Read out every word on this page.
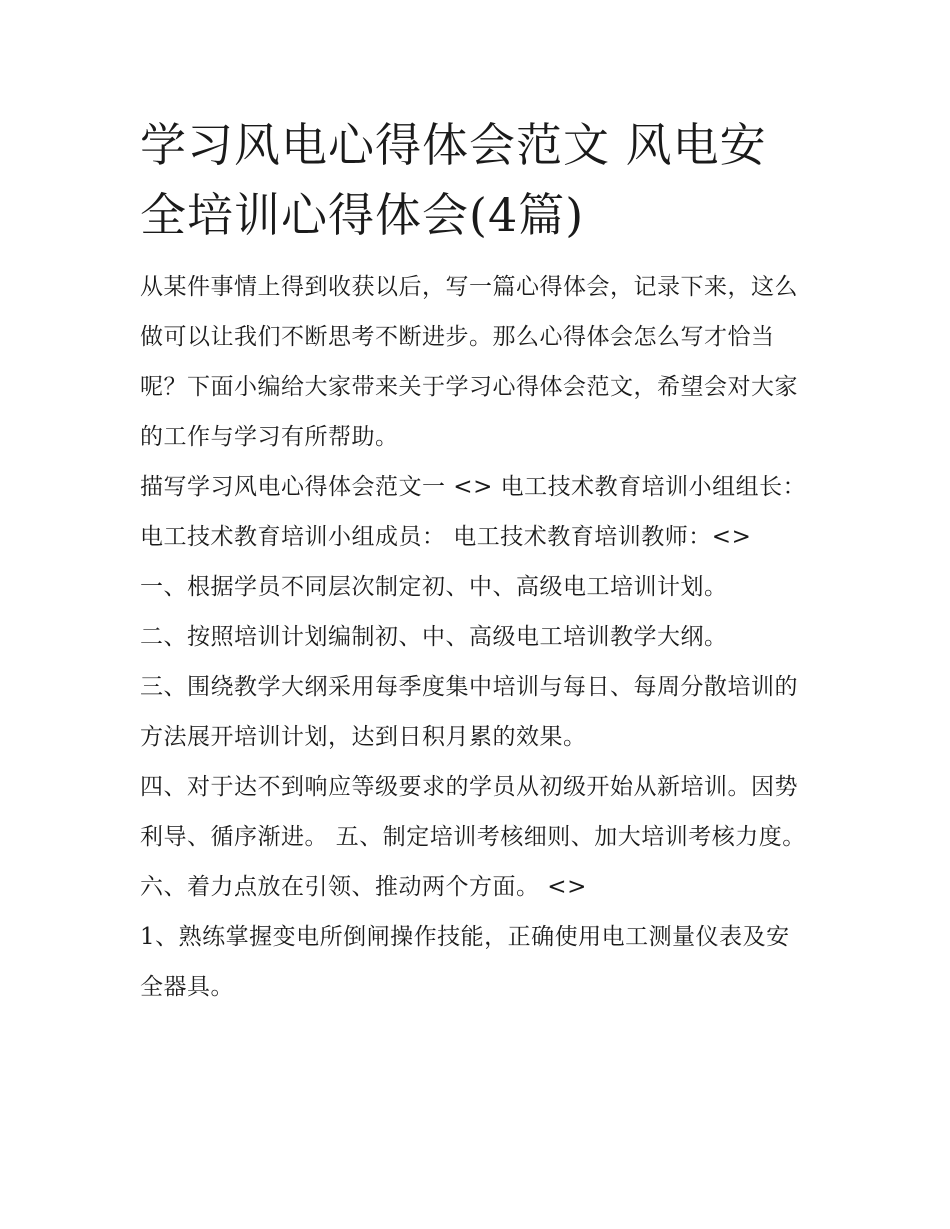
学习风电心得体会范文 风电安全培训心得体会(4篇)

从某件事情上得到收获以后，写一篇心得体会，记录下来，这么做可以让我们不断思考不断进步。那么心得体会怎么写才恰当呢？下面小编给大家带来关于学习心得体会范文，希望会对大家的工作与学习有所帮助。

描写学习风电心得体会范文一 <> 电工技术教育培训小组组长： 电工技术教育培训小组成员： 电工技术教育培训教师：<>

一、根据学员不同层次制定初、中、高级电工培训计划。

二、按照培训计划编制初、中、高级电工培训教学大纲。

三、围绕教学大纲采用每季度集中培训与每日、每周分散培训的方法展开培训计划，达到日积月累的效果。

四、对于达不到响应等级要求的学员从初级开始从新培训。因势利导、循序渐进。 五、制定培训考核细则、加大培训考核力度。 六、着力点放在引领、推动两个方面。 <>

1、熟练掌握变电所倒闸操作技能，正确使用电工测量仪表及安全器具。
